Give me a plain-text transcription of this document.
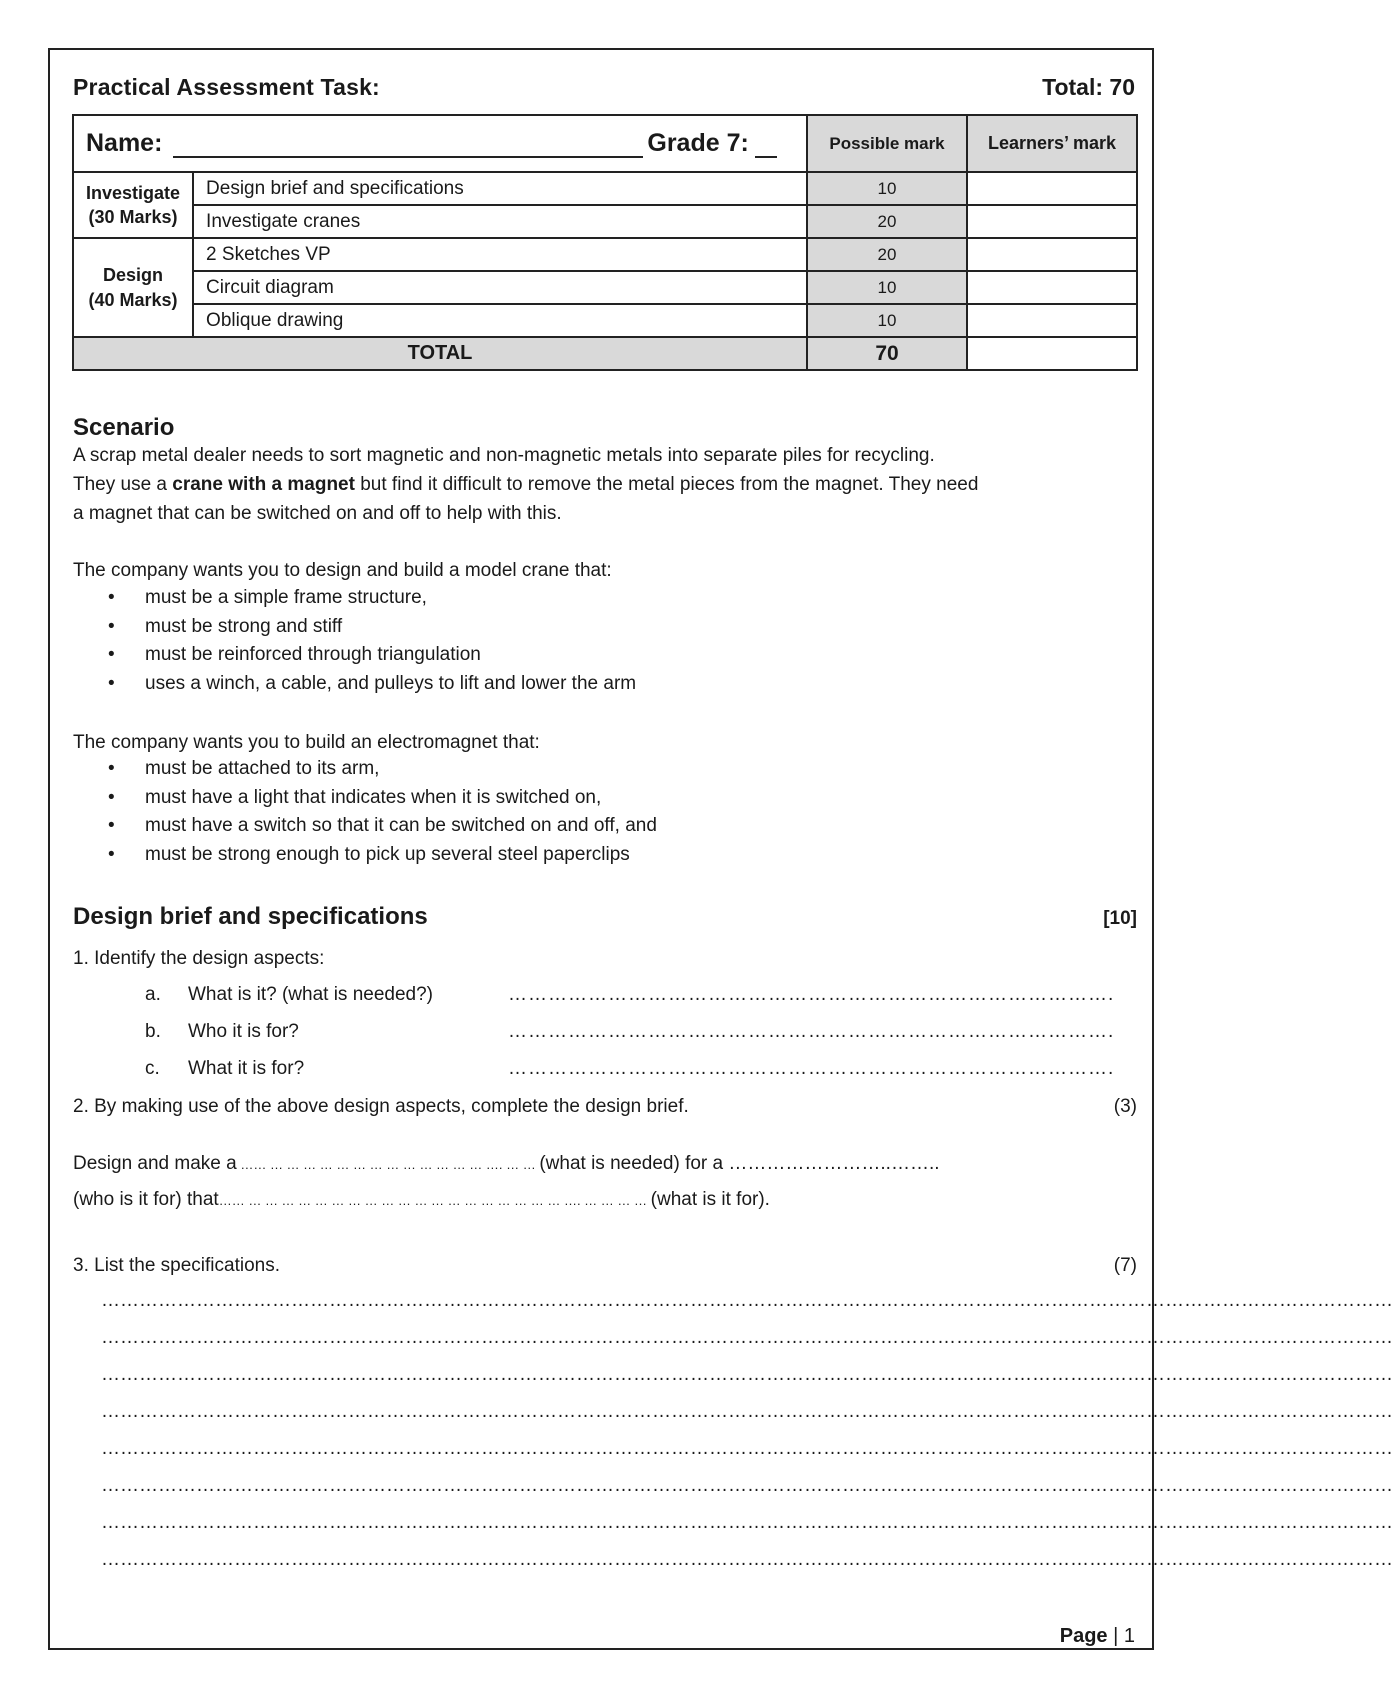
Practical Assessment Task:	Total: 70
Name: Grade 7:		Possible mark	Learners’ mark
Investigate
(30 Marks)	Design brief and specifications	10	
	Investigate cranes	20	
Design
(40 Marks)	2 Sketches VP	20	
	Circuit diagram	10	
	Oblique drawing	10	
TOTAL		70	
Scenario
A scrap metal dealer needs to sort magnetic and non-magnetic metals into separate piles for recycling.
They use a crane with a magnet but find it difficult to remove the metal pieces from the magnet. They need
a magnet that can be switched on and off to help with this.
The company wants you to design and build a model crane that:
• must be a simple frame structure,
• must be strong and stiff
• must be reinforced through triangulation
• uses a winch, a cable, and pulleys to lift and lower the arm
The company wants you to build an electromagnet that:
• must be attached to its arm,
• must have a light that indicates when it is switched on,
• must have a switch so that it can be switched on and off, and
• must be strong enough to pick up several steel paperclips
Design brief and specifications	[10]
1. Identify the design aspects:
a. What is it? (what is needed?)	……………………………………………………………………………….
b. Who it is for?	……………………………………………………………………………….
c. What it is for?	……………………………………………………………………………….
2. By making use of the above design aspects, complete the design brief.	(3)
Design and make a …… … … … … … … … … … … … … … …. … … (what is needed) for a ……………………..……..
(who is it for) that…… … … … … … … … … … … … … … … … … … … … …. … … … … (what is it for).
3. List the specifications.	(7)
……………………………………………………………………………………………………………………………………………………………………………………
……………………………………………………………………………………………………………………………………………………………………………………
……………………………………………………………………………………………………………………………………………………………………………………
……………………………………………………………………………………………………………………………………………………………………………………
……………………………………………………………………………………………………………………………………………………………………………………
……………………………………………………………………………………………………………………………………………………………………………………
……………………………………………………………………………………………………………………………………………………………………………………
……………………………………………………………………………………………………………………………………………………………………………………
Page | 1
